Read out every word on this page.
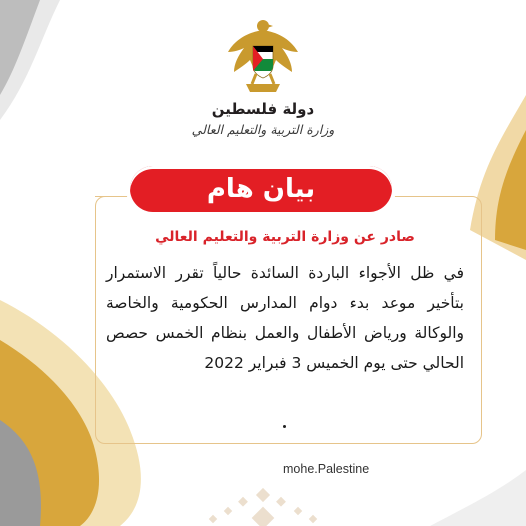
دولة فلسطين
وزارة التربية والتعليم العالي
بيان هام
صادر عن وزارة التربية والتعليم العالي
في ظل الأجواء الباردة السائدة حالياً تقرر الاستمرار بتأخير موعد بدء دوام المدارس الحكومية والخاصة والوكالة ورياض الأطفال والعمل بنظام الخمس حصص الحالي حتى يوم الخميس 3 فبراير 2022
mohe.Palestine
